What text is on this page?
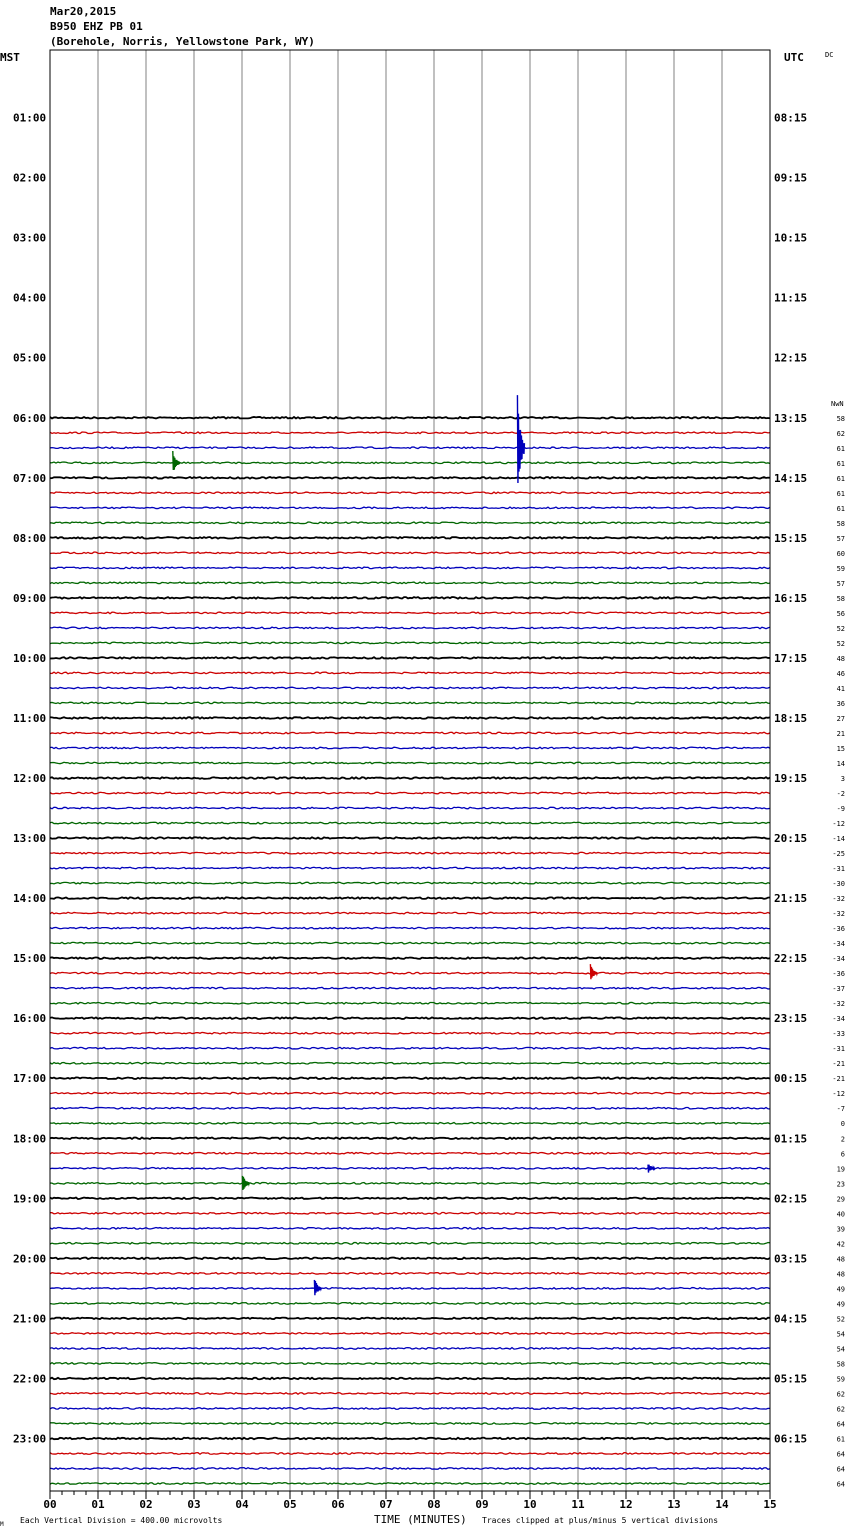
Mar20,2015
B950 EHZ PB 01
(Borehole, Norris, Yellowstone Park, WY)
MST	UTC	DC
NwN
01:00
02:00
03:00
04:00
05:00
06:00
07:00
08:00
09:00
10:00
11:00
12:00
13:00
14:00
15:00
16:00
17:00
18:00
19:00
20:00
21:00
22:00
23:00
08:15
09:15
10:15
11:15
12:15
13:15
14:15
15:15
16:15
17:15
18:15
19:15
20:15
21:15
22:15
23:15
00:15
01:15
02:15
03:15
04:15
05:15
06:15
58
62
61
61
61
61
61
58
57
60
59
57
58
56
52
52
48
46
41
36
27
21
15
14
3
-2
-9
-12
-14
-25
-31
-30
-32
-32
-36
-34
-34
-36
-37
-32
-34
-33
-31
-21
-21
-12
-7
0
2
6
19
23
29
40
39
42
48
48
49
49
52
54
54
58
59
62
62
64
61
64
64
64
00	01	02	03	04	05	06	07	08	09	10	11	12	13	14	15
M Each Vertical Division = 400.00 microvolts	TIME (MINUTES) Traces clipped at plus/minus 5 vertical divisions
